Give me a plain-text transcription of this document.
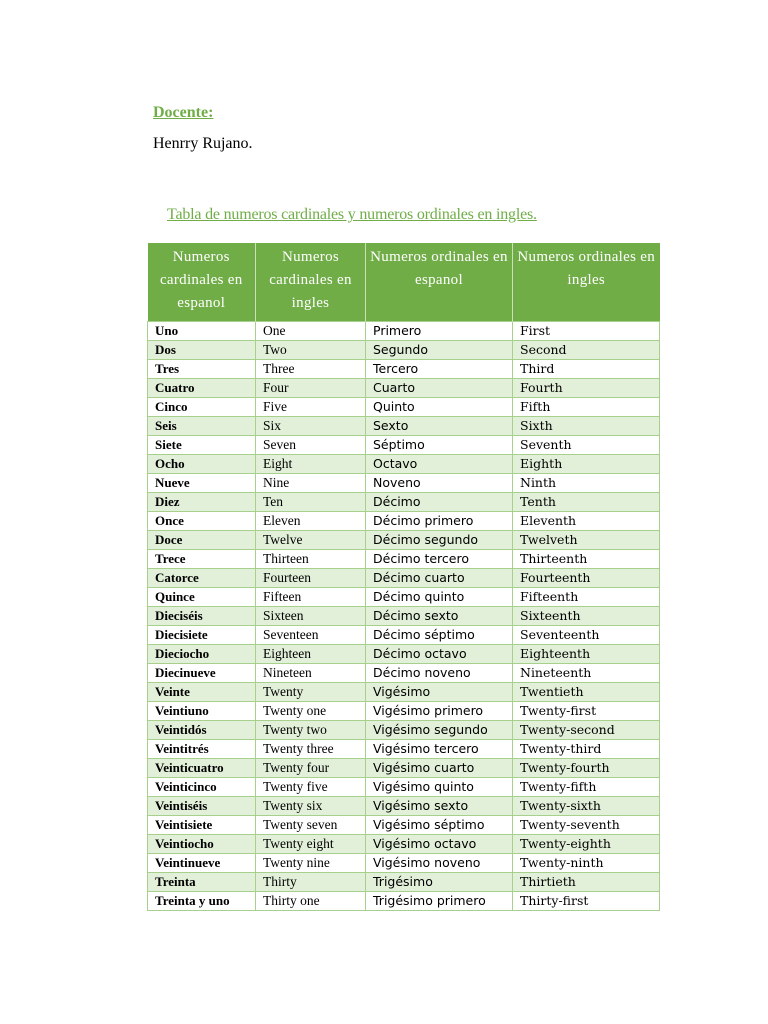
Docente:
Henrry Rujano.
Tabla de numeros cardinales y numeros ordinales en ingles.
Numeros cardinales en espanol	Numeros cardinales en ingles	Numeros ordinales en espanol	Numeros ordinales en ingles
Uno	One	Primero	First
Dos	Two	Segundo	Second
Tres	Three	Tercero	Third
Cuatro	Four	Cuarto	Fourth
Cinco	Five	Quinto	Fifth
Seis	Six	Sexto	Sixth
Siete	Seven	Séptimo	Seventh
Ocho	Eight	Octavo	Eighth
Nueve	Nine	Noveno	Ninth
Diez	Ten	Décimo	Tenth
Once	Eleven	Décimo primero	Eleventh
Doce	Twelve	Décimo segundo	Twelveth
Trece	Thirteen	Décimo tercero	Thirteenth
Catorce	Fourteen	Décimo cuarto	Fourteenth
Quince	Fifteen	Décimo quinto	Fifteenth
Dieciséis	Sixteen	Décimo sexto	Sixteenth
Diecisiete	Seventeen	Décimo séptimo	Seventeenth
Dieciocho	Eighteen	Décimo octavo	Eighteenth
Diecinueve	Nineteen	Décimo noveno	Nineteenth
Veinte	Twenty	Vigésimo	Twentieth
Veintiuno	Twenty one	Vigésimo primero	Twenty-first
Veintidós	Twenty two	Vigésimo segundo	Twenty-second
Veintitrés	Twenty three	Vigésimo tercero	Twenty-third
Veinticuatro	Twenty four	Vigésimo cuarto	Twenty-fourth
Veinticinco	Twenty five	Vigésimo quinto	Twenty-fifth
Veintiséis	Twenty six	Vigésimo sexto	Twenty-sixth
Veintisiete	Twenty seven	Vigésimo séptimo	Twenty-seventh
Veintiocho	Twenty eight	Vigésimo octavo	Twenty-eighth
Veintinueve	Twenty nine	Vigésimo noveno	Twenty-ninth
Treinta	Thirty	Trigésimo	Thirtieth
Treinta y uno	Thirty one	Trigésimo primero	Thirty-first
